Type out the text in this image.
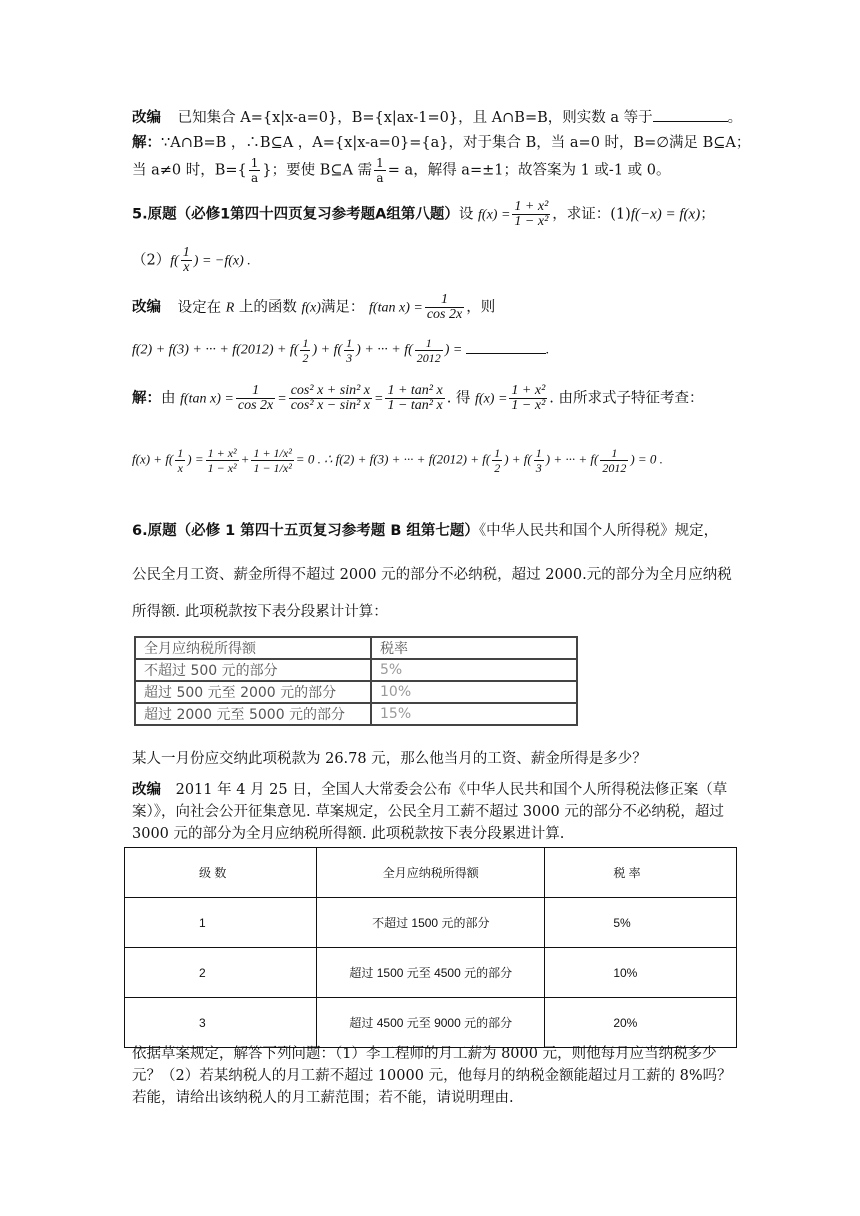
改编 已知集合 A={x|x-a=0}，B={x|ax-1=0}，且 A∩B=B，则实数 a 等于	。
解：∵A∩B=B ，∴B⊆A ，A={x|x-a=0}={a}，对于集合 B，当 a=0 时，B=∅满足 B⊆A；
当 a≠0 时，$B=\{ \frac{1}{a}$ }；要使 B⊆A 需 $\frac{1}{a} = a$，解得 a=±1；故答案为 1 或-1 或 0。
5.原题（必修1第四十四页复习参考题A组第八题）设 $f(x) = \frac{\text{1 + x²}}{\text{1 − x²}}$ ，求证：(1)f(−x) = f(x)；
$(2)f( \frac{1}{x}$ ) = −f(x) .
改编 设定在 R 上的函数 f(x)满足： f(tan $x) = \frac{1}{\cos 2x}$ ，则
f(2) + f(3) + ··· + $f(2012) + f( \frac{1}{2}$ ) + $f( \frac{1}{3}$ ) + ··· + $f( \frac{1}{2012}$ ) =	.
解：由 f(tan $x) = \frac{1}{\cos 2x} = \frac{\text{cos² x + sin² x}}{\text{cos² x − sin² x}} = \frac{\text{1 + tan² x}}{\text{1 − tan² x}}$ . 得 $f(x) = \frac{\text{1 + x²}}{\text{1 − x²}}$ . 由所求式子特征考查：
$f(x) + f( \frac{1}{x}$ ) = $\frac{\text{1 + x²}}{\text{1 − x²}} + \frac{\text{1 + 1/x²}}{\text{1 − 1/x²}} = 0$ . ∴ f(2) + f(3) + ··· + $f(2012) + f( \frac{1}{2}$ ) + $f( \frac{1}{3}$ ) + ··· + $f( \frac{1}{2012}$ ) = 0 .
6.原题（必修 1 第四十五页复习参考题 B 组第七题）《中华人民共和国个人所得税》规定，
公民全月工资、薪金所得不超过 2000 元的部分不必纳税，超过 2000.元的部分为全月应纳税
所得额. 此项税款按下表分段累计计算：
全月应纳税所得额	税率
不超过 500 元的部分	5%
超过 500 元至 2000 元的部分	10%
超过 2000 元至 5000 元的部分	15%
某人一月份应交纳此项税款为 26.78 元，那么他当月的工资、薪金所得是多少？
改编 2011 年 4 月 25 日，全国人大常委会公布《中华人民共和国个人所得税法修正案（草案）》，向社会公开征集意见. 草案规定，公民全月工薪不超过 3000 元的部分不必纳税，超过 3000 元的部分为全月应纳税所得额. 此项税款按下表分段累进计算.
级 数	全月应纳税所得额	税 率
1	不超过 1500 元的部分	5%
2	超过 1500 元至 4500 元的部分	10%
3	超过 4500 元至 9000 元的部分	20%
依据草案规定，解答下列问题：（1）李工程师的月工薪为 8000 元，则他每月应当纳税多少元？（2）若某纳税人的月工薪不超过 10000 元，他每月的纳税金额能超过月工薪的 8%吗？若能，请给出该纳税人的月工薪范围；若不能，请说明理由.
